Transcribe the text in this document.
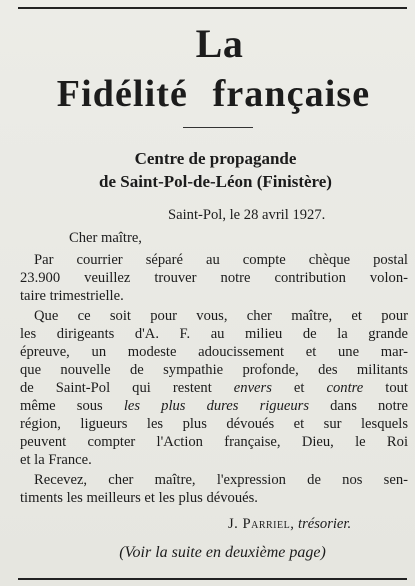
La
Fidélité française
Centre de propagande
de Saint-Pol-de-Léon (Finistère)
Saint-Pol, le 28 avril 1927.
Cher maître,
Par courrier séparé au compte chèque postal
23.900 veuillez trouver notre contribution volon-
taire trimestrielle.
Que ce soit pour vous, cher maître, et pour
les dirigeants d'A. F. au milieu de la grande
épreuve, un modeste adoucissement et une mar-
que nouvelle de sympathie profonde, des militants
de Saint-Pol qui restent envers et contre tout
même sous les plus dures rigueurs dans notre
région, ligueurs les plus dévoués et sur lesquels
peuvent compter l'Action française, Dieu, le Roi
et la France.
Recevez, cher maître, l'expression de nos sen-
timents les meilleurs et les plus dévoués.
J. Parriel, trésorier.
(Voir la suite en deuxième page)
